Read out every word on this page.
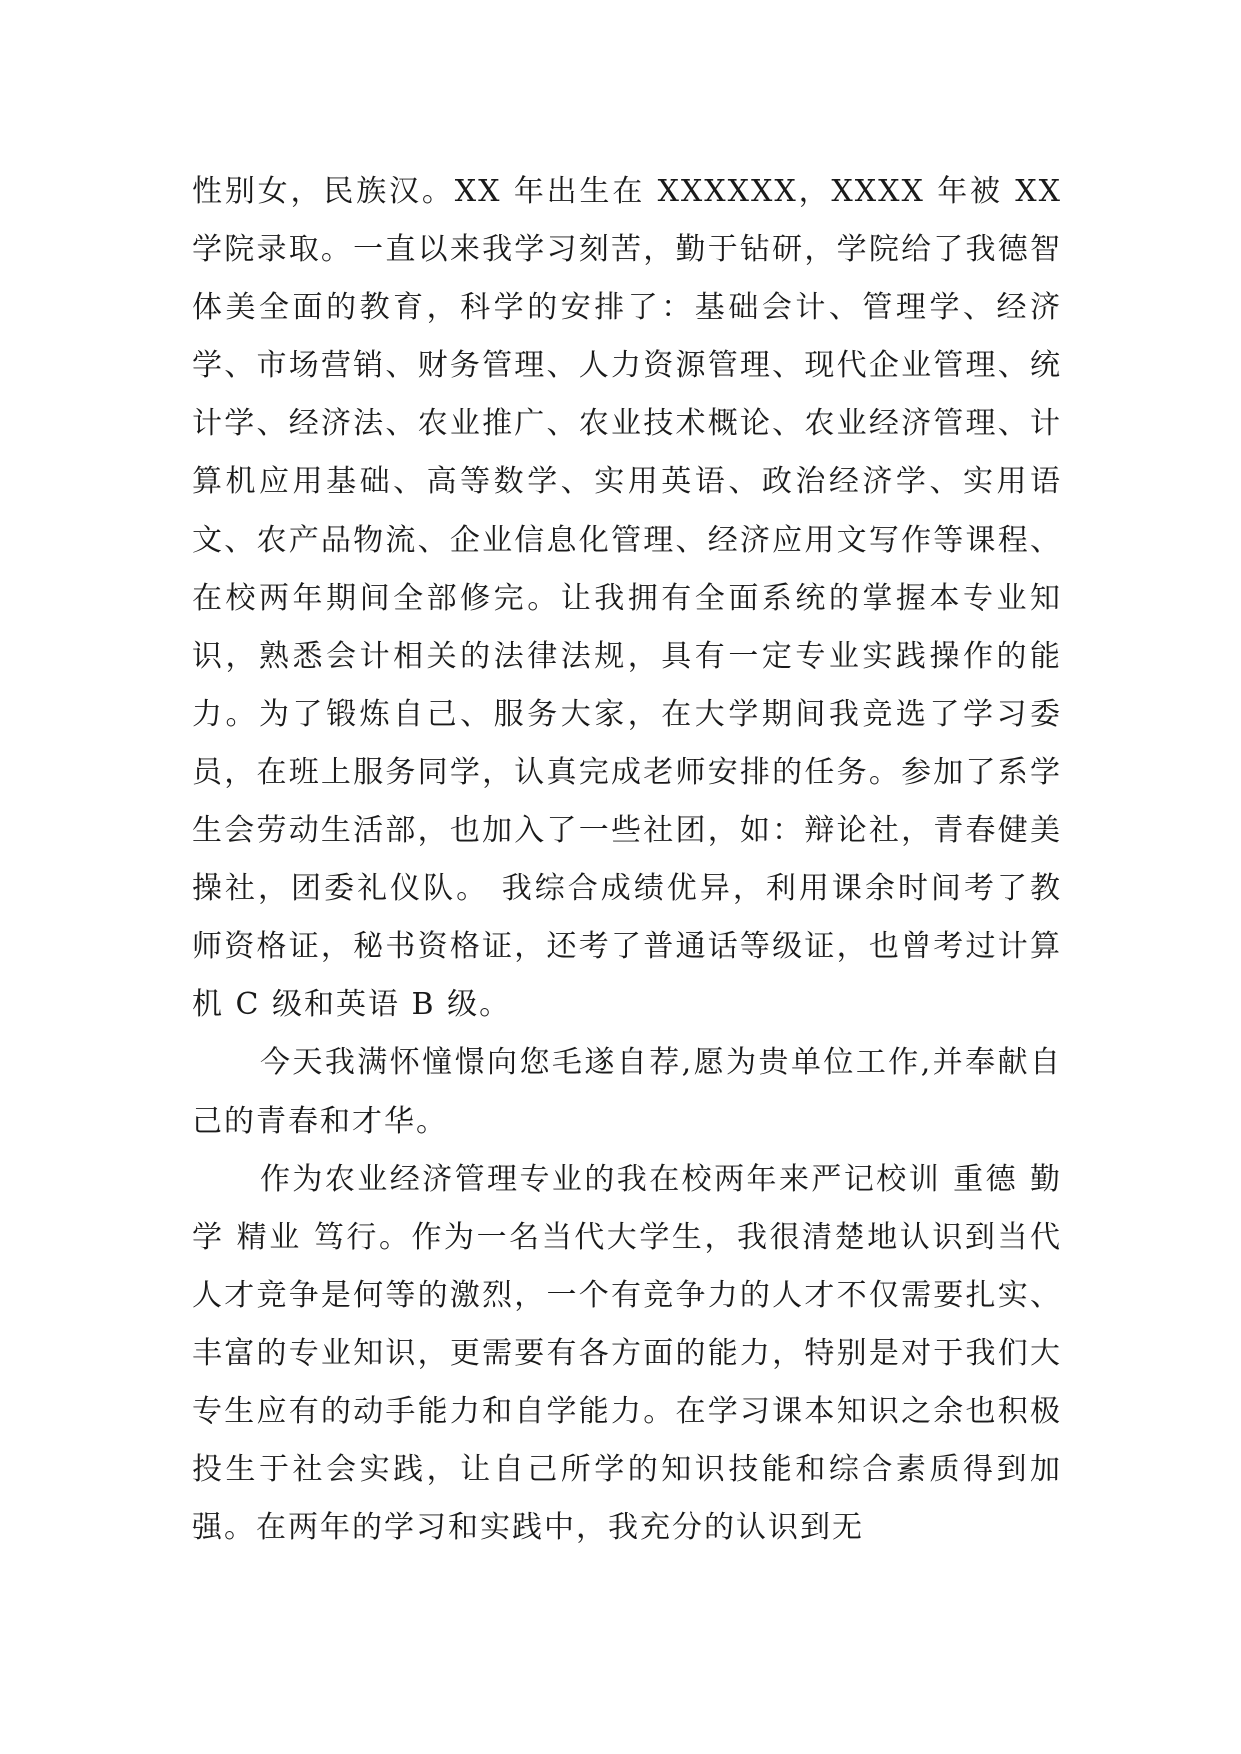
性别女，民族汉。XX 年出生在 XXXXXX，XXXX 年被 XX 学院录取。一直以来我学习刻苦，勤于钻研，学院给了我德智体美全面的教育，科学的安排了：基础会计、管理学、经济学、市场营销、财务管理、人力资源管理、现代企业管理、统计学、经济法、农业推广、农业技术概论、农业经济管理、计算机应用基础、高等数学、实用英语、政治经济学、实用语文、农产品物流、企业信息化管理、经济应用文写作等课程、在校两年期间全部修完。让我拥有全面系统的掌握本专业知识，熟悉会计相关的法律法规，具有一定专业实践操作的能力。为了锻炼自己、服务大家，在大学期间我竞选了学习委员，在班上服务同学，认真完成老师安排的任务。参加了系学生会劳动生活部，也加入了一些社团，如：辩论社，青春健美操社，团委礼仪队。 我综合成绩优异，利用课余时间考了教师资格证，秘书资格证，还考了普通话等级证，也曾考过计算机 C 级和英语 B 级。

今天我满怀憧憬向您毛遂自荐,愿为贵单位工作,并奉献自己的青春和才华。

作为农业经济管理专业的我在校两年来严记校训 重德 勤学 精业 笃行。作为一名当代大学生，我很清楚地认识到当代人才竞争是何等的激烈，一个有竞争力的人才不仅需要扎实、丰富的专业知识，更需要有各方面的能力，特别是对于我们大专生应有的动手能力和自学能力。在学习课本知识之余也积极投生于社会实践，让自己所学的知识技能和综合素质得到加强。在两年的学习和实践中，我充分的认识到无
